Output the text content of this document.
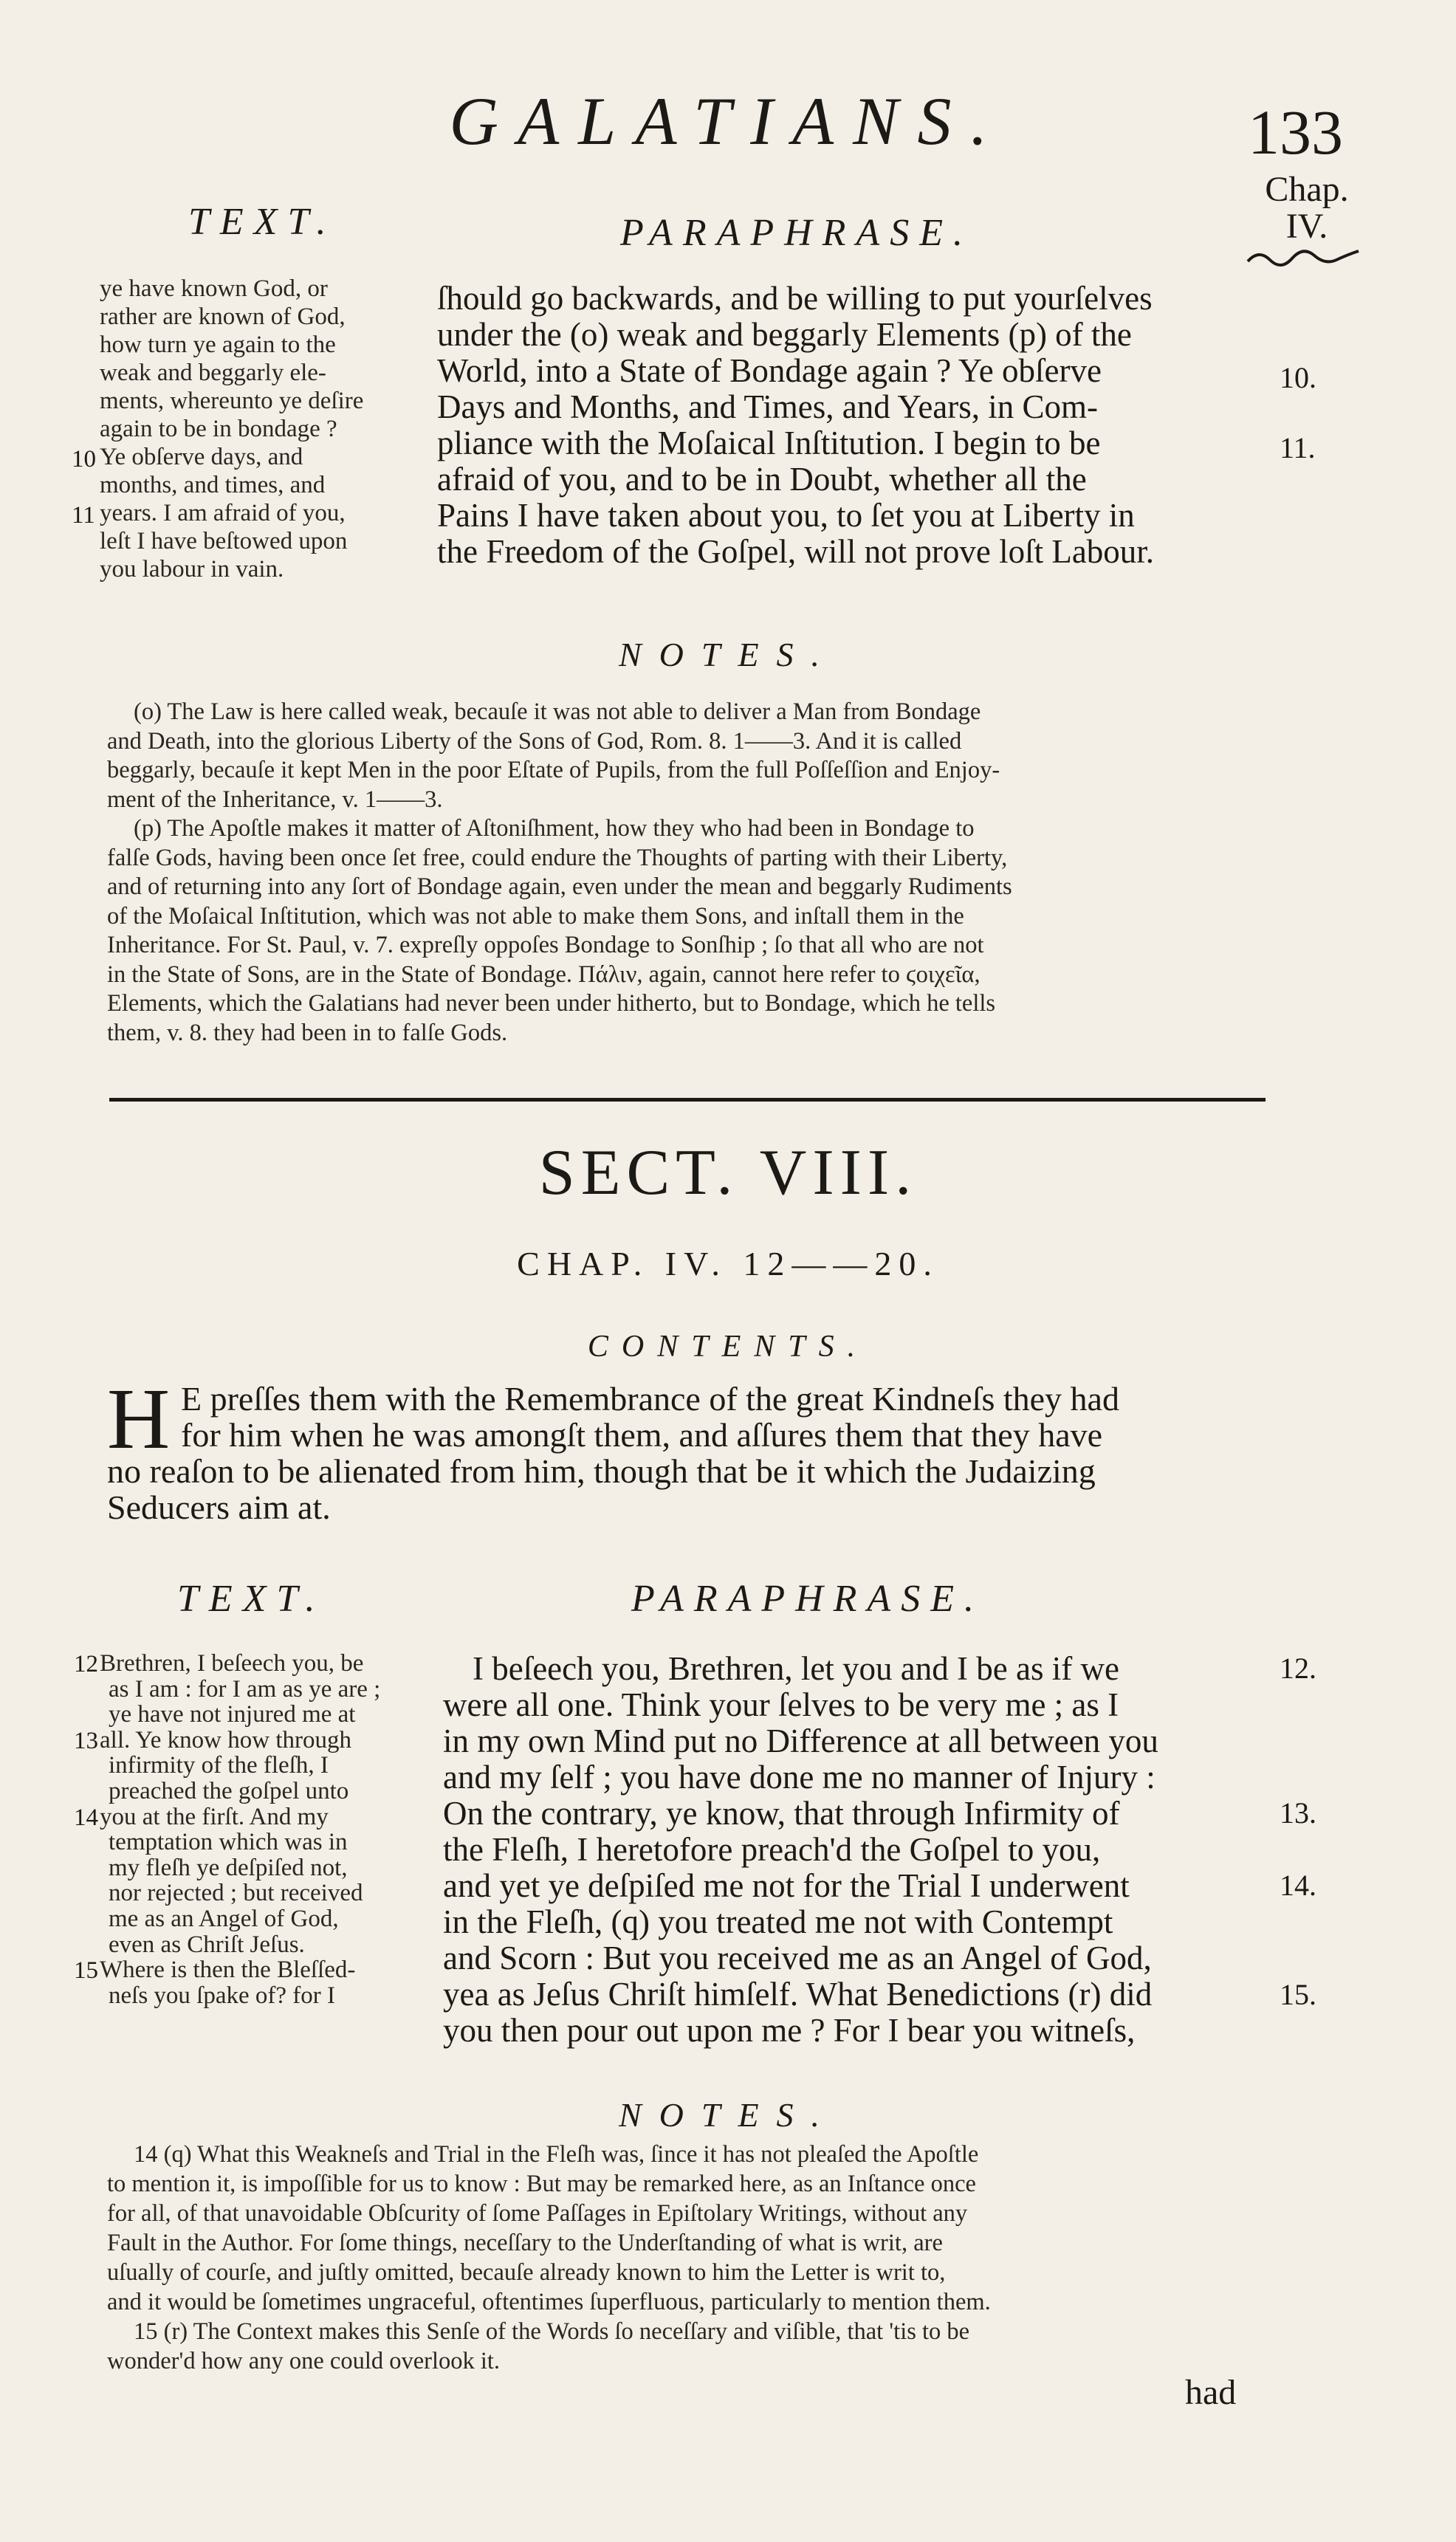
GALATIANS.	133
Chap.
IV.
TEXT.	PARAPHRASE.
ye have known God, or
rather are known of God,
how turn ye again to the
weak and beggarly ele-
ments, whereunto ye deſire
again to be in bondage ?
Ye obſerve days, and
months, and times, and
years. I am afraid of you,
leſt I have beſtowed upon
you labour in vain.
10
11
ſhould go backwards, and be willing to put yourſelves
under the (o) weak and beggarly Elements (p) of the
World, into a State of Bondage again ? Ye obſerve
Days and Months, and Times, and Years, in Com-
pliance with the Moſaical Inſtitution. I begin to be
afraid of you, and to be in Doubt, whether all the
Pains I have taken about you, to ſet you at Liberty in
the Freedom of the Goſpel, will not prove loſt Labour.
10.
11.
NOTES.

(o) The Law is here called weak, becauſe it was not able to deliver a Man from Bondage

and Death, into the glorious Liberty of the Sons of God, Rom. 8. 1——3. And it is called

beggarly, becauſe it kept Men in the poor Eſtate of Pupils, from the full Poſſeſſion and Enjoy-

ment of the Inheritance, v. 1——3.

(p) The Apoſtle makes it matter of Aſtoniſhment, how they who had been in Bondage to

falſe Gods, having been once ſet free, could endure the Thoughts of parting with their Liberty,

and of returning into any ſort of Bondage again, even under the mean and beggarly Rudiments

of the Moſaical Inſtitution, which was not able to make them Sons, and inſtall them in the

Inheritance. For St. Paul, v. 7. expreſly oppoſes Bondage to Sonſhip ; ſo that all who are not

in the State of Sons, are in the State of Bondage. Πάλιν, again, cannot here refer to ϛοιχεῖα,

Elements, which the Galatians had never been under hitherto, but to Bondage, which he tells

them, v. 8. they had been in to falſe Gods.

SECT. VIII.
CHAP. IV. 12——20.
CONTENTS.
H E preſſes them with the Remembrance of the great Kindneſs they had
for him when he was amongſt them, and aſſures them that they have
no reaſon to be alienated from him, though that be it which the Judaizing
Seducers aim at.
TEXT.	PARAPHRASE.
Brethren, I beſeech you, be
as I am : for I am as ye are ;
ye have not injured me at
all. Ye know how through
infirmity of the fleſh, I
preached the goſpel unto
you at the firſt. And my
temptation which was in
my fleſh ye deſpiſed not,
nor rejected ; but received
me as an Angel of God,
even as Chriſt Jeſus.
Where is then the Bleſſed-
neſs you ſpake of? for I
12
13
14
15
I beſeech you, Brethren, let you and I be as if we
were all one. Think your ſelves to be very me ; as I
in my own Mind put no Difference at all between you
and my ſelf ; you have done me no manner of Injury :
On the contrary, ye know, that through Infirmity of
the Fleſh, I heretofore preach'd the Goſpel to you,
and yet ye deſpiſed me not for the Trial I underwent
in the Fleſh, (q) you treated me not with Contempt
and Scorn : But you received me as an Angel of God,
yea as Jeſus Chriſt himſelf. What Benedictions (r) did
you then pour out upon me ? For I bear you witneſs,
12.
13.
14.
15.
NOTES.

14 (q) What this Weakneſs and Trial in the Fleſh was, ſince it has not pleaſed the Apoſtle

to mention it, is impoſſible for us to know : But may be remarked here, as an Inſtance once

for all, of that unavoidable Obſcurity of ſome Paſſages in Epiſtolary Writings, without any

Fault in the Author. For ſome things, neceſſary to the Underſtanding of what is writ, are

uſually of courſe, and juſtly omitted, becauſe already known to him the Letter is writ to,

and it would be ſometimes ungraceful, oftentimes ſuperfluous, particularly to mention them.

15 (r) The Context makes this Senſe of the Words ſo neceſſary and viſible, that 'tis to be

wonder'd how any one could overlook it.

had
